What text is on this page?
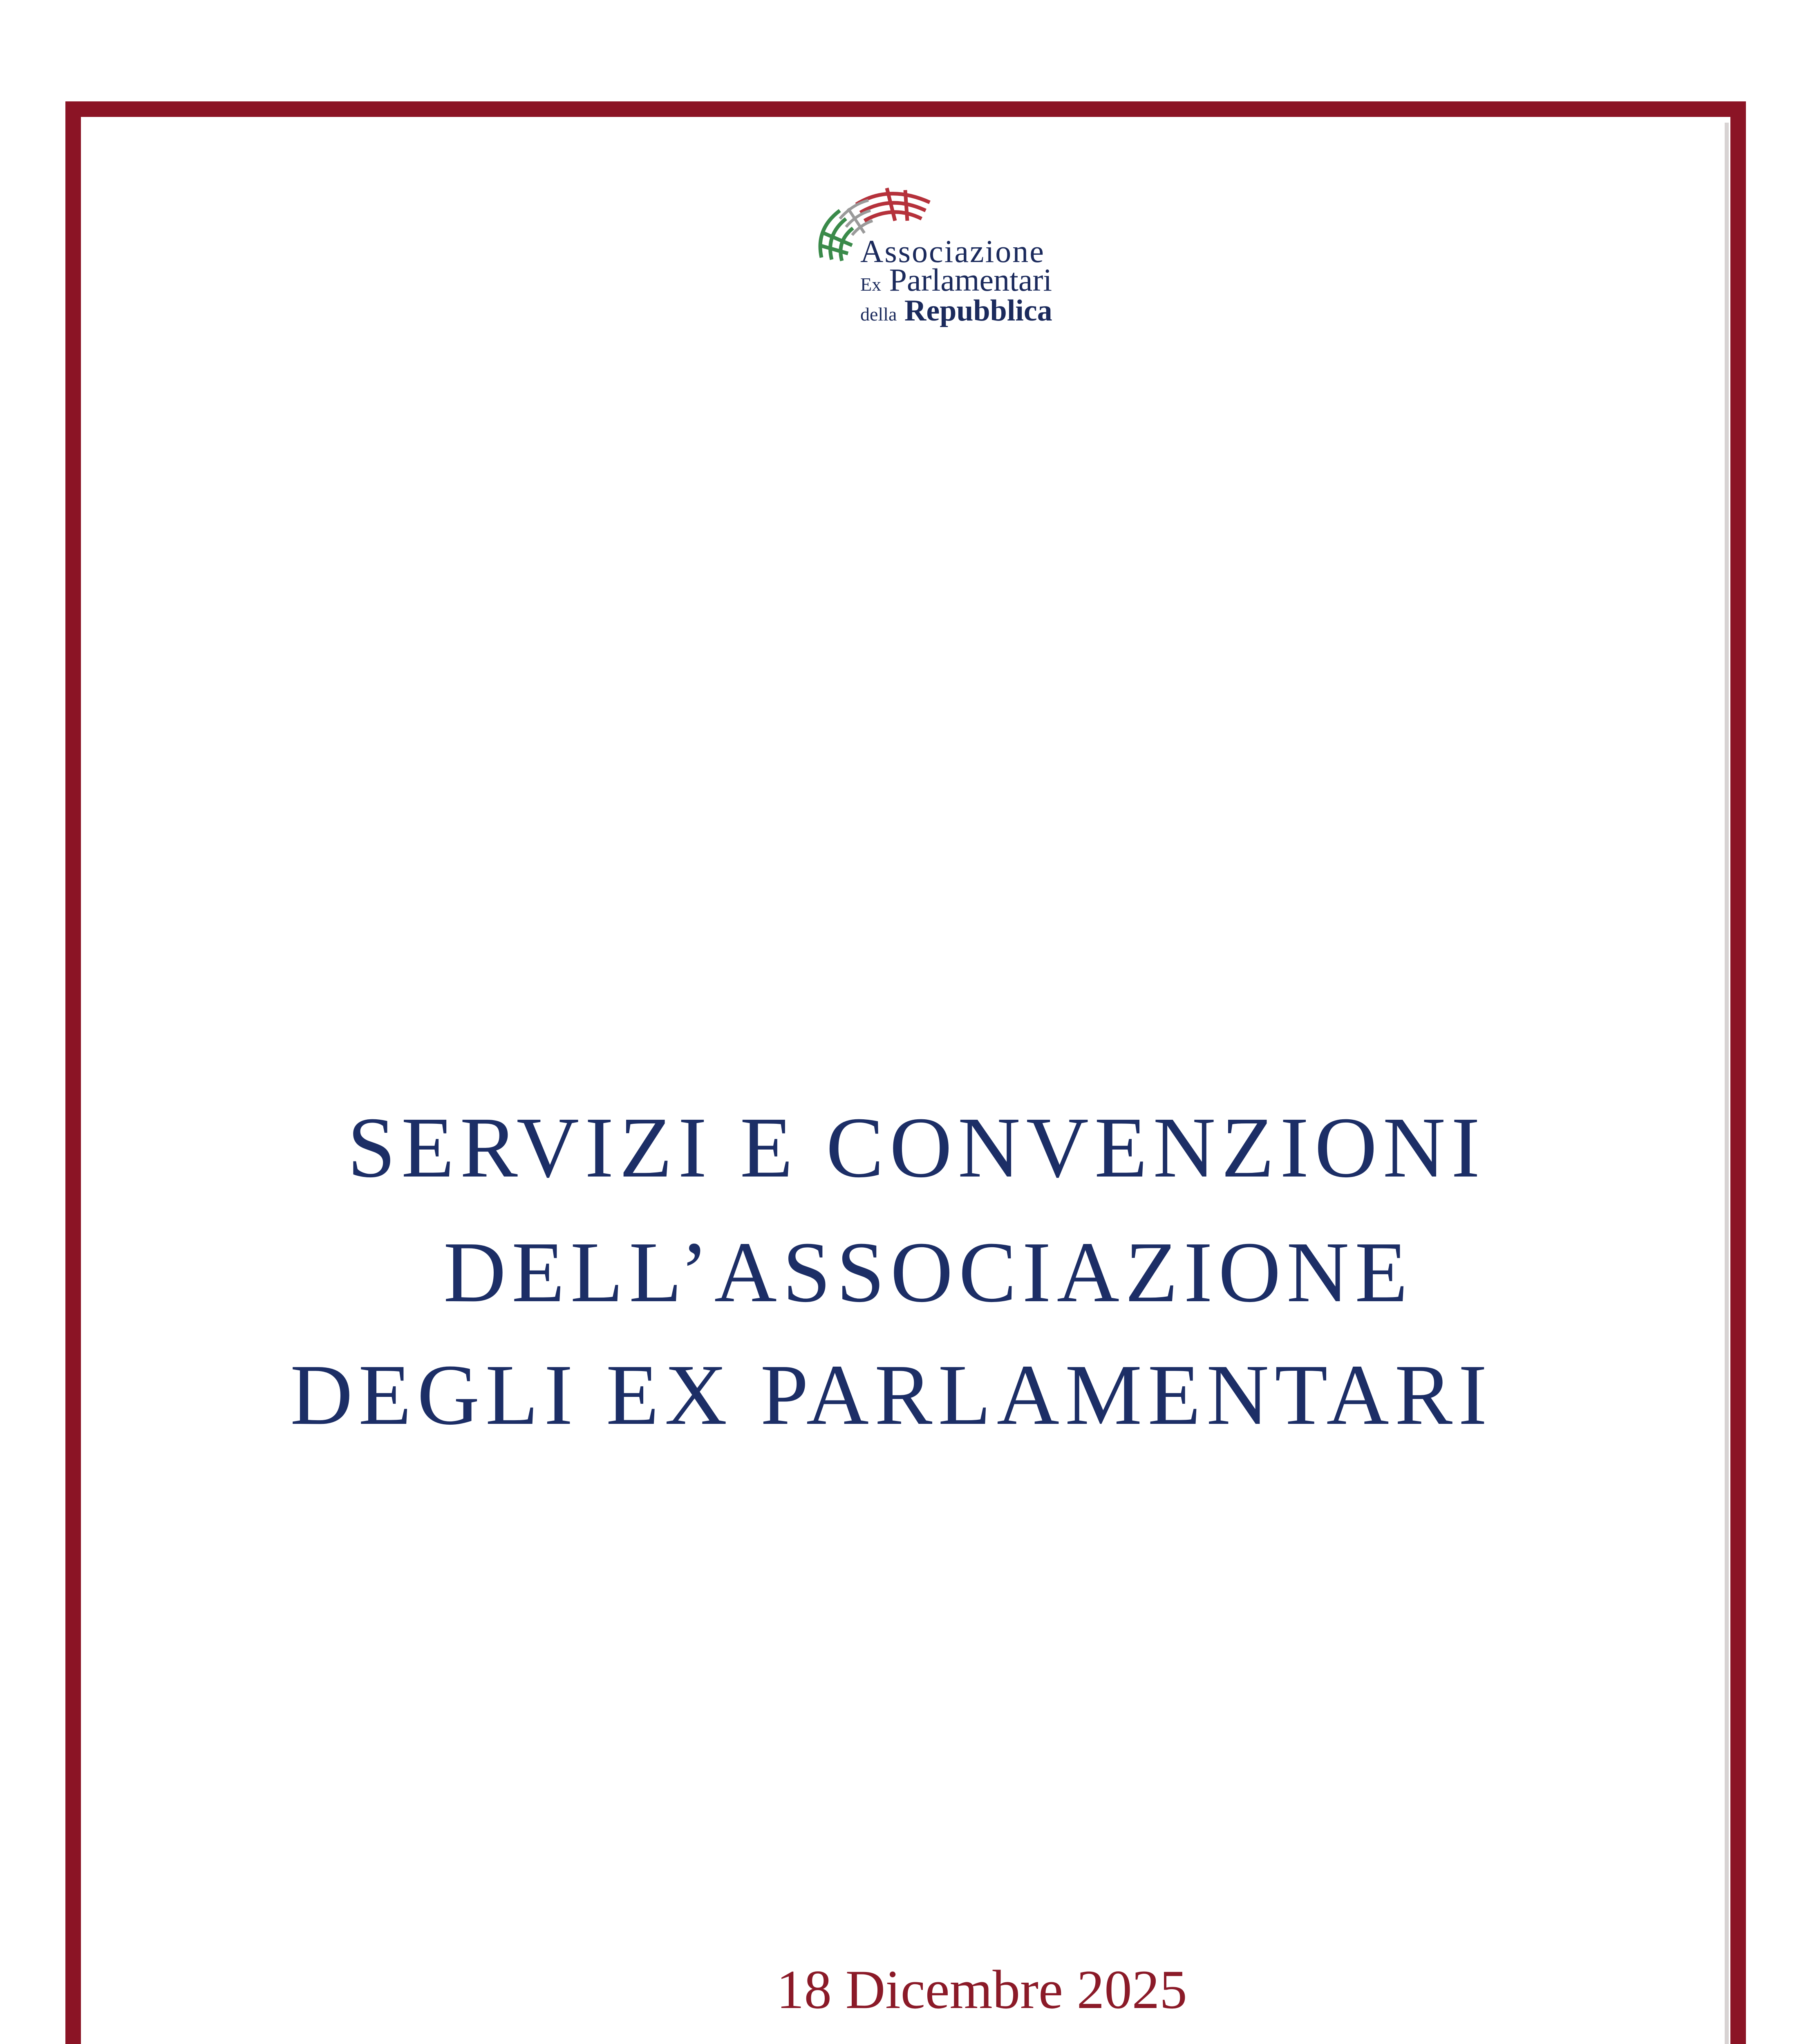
Associazione
Ex Parlamentari
della Repubblica
SERVIZI E CONVENZIONI
DELL’ASSOCIAZIONE
DEGLI EX PARLAMENTARI
18 Dicembre 2025
